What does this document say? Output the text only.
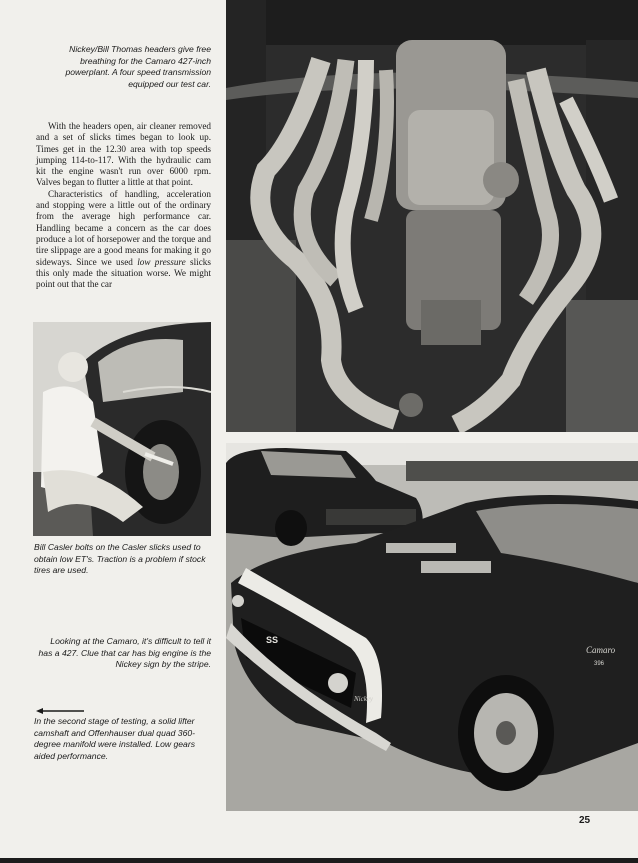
Nickey/Bill Thomas headers give free breathing for the Camaro 427-inch powerplant. A four speed transmission equipped our test car.

With the headers open, air cleaner removed and a set of slicks times began to look up. Times get in the 12.30 area with top speeds jumping 114-to-117. With the hydraulic cam kit the engine wasn't run over 6000 rpm. Valves began to flutter a little at that point.

Characteristics of handling, acceleration and stopping were a little out of the ordinary from the average high performance car. Handling became a concern as the car does produce a lot of horsepower and the torque and tire slippage are a good means for making it go sideways. Since we used low pressure slicks this only made the situation worse. We might point out that the car

Bill Casler bolts on the Casler slicks used to obtain low ET's. Traction is a problem if stock tires are used.

Looking at the Camaro, it's difficult to tell it has a 427. Clue that car has big engine is the Nickey sign by the stripe.

In the second stage of testing, a solid lifter camshaft and Offenhauser dual quad 360-degree manifold were installed. Low gears aided performance.

SS
Camaro
396
Nickey
25
